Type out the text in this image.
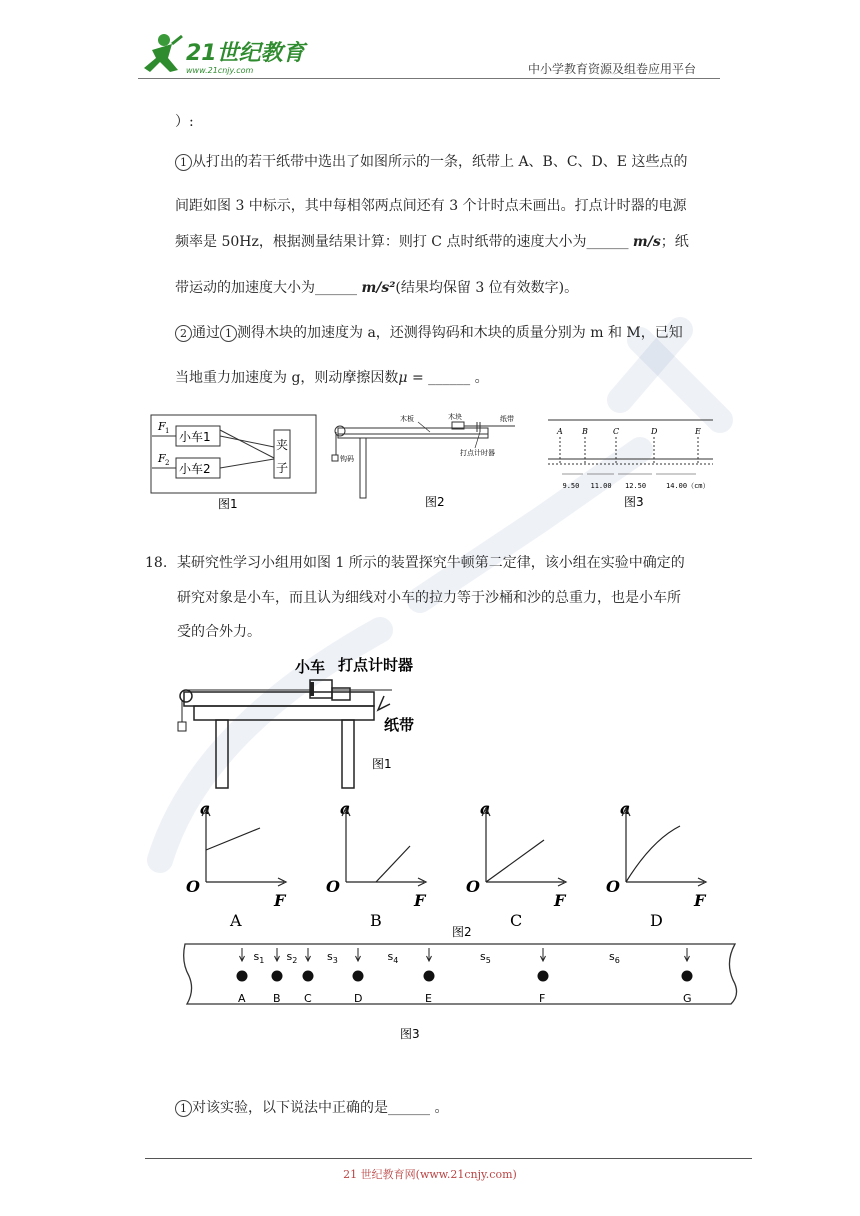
21世纪教育
www.21cnjy.com	中小学教育资源及组卷应用平台
）:
1 从打出的若干纸带中选出了如图所示的一条，纸带上 A、B、C、D、E 这些点的
间距如图 3 中标示，其中每相邻两点间还有 3 个计时点未画出。打点计时器的电源
频率是 50Hz，根据测量结果计算：则打 C 点时纸带的速度大小为______ m/s；纸
带运动的加速度大小为______ m/s²(结果均保留 3 位有效数字)。
2 通过 1 测得木块的加速度为 a，还测得钩码和木块的质量分别为 m 和 M，已知
当地重力加速度为 g，则动摩擦因数μ = ______ 。
F 1 小车1
F 2 小车2
夹
子
图1
木板	木块	纸带
打点计时器
钩码
图2
A B	C	D	E
9.50 11.00 12.50	14.00（cm）
图3
18. 某研究性学习小组用如图 1 所示的装置探究牛顿第二定律，该小组在实验中确定的
研究对象是小车，而且认为细线对小车的拉力等于沙桶和沙的总重力，也是小车所
受的合外力。
小车 打点计时器
纸带
图1
a
O
F
A
a
O
F
B
a
O
F
C
a
O
F
D
图2
A B C	D	E	F	G
$s_1$ $s_2$	$s_3$	$s_4$	$s_5$	$s_6$
图3
1 对该实验，以下说法中正确的是______ 。
21 世纪教育网(www.21cnjy.com)
